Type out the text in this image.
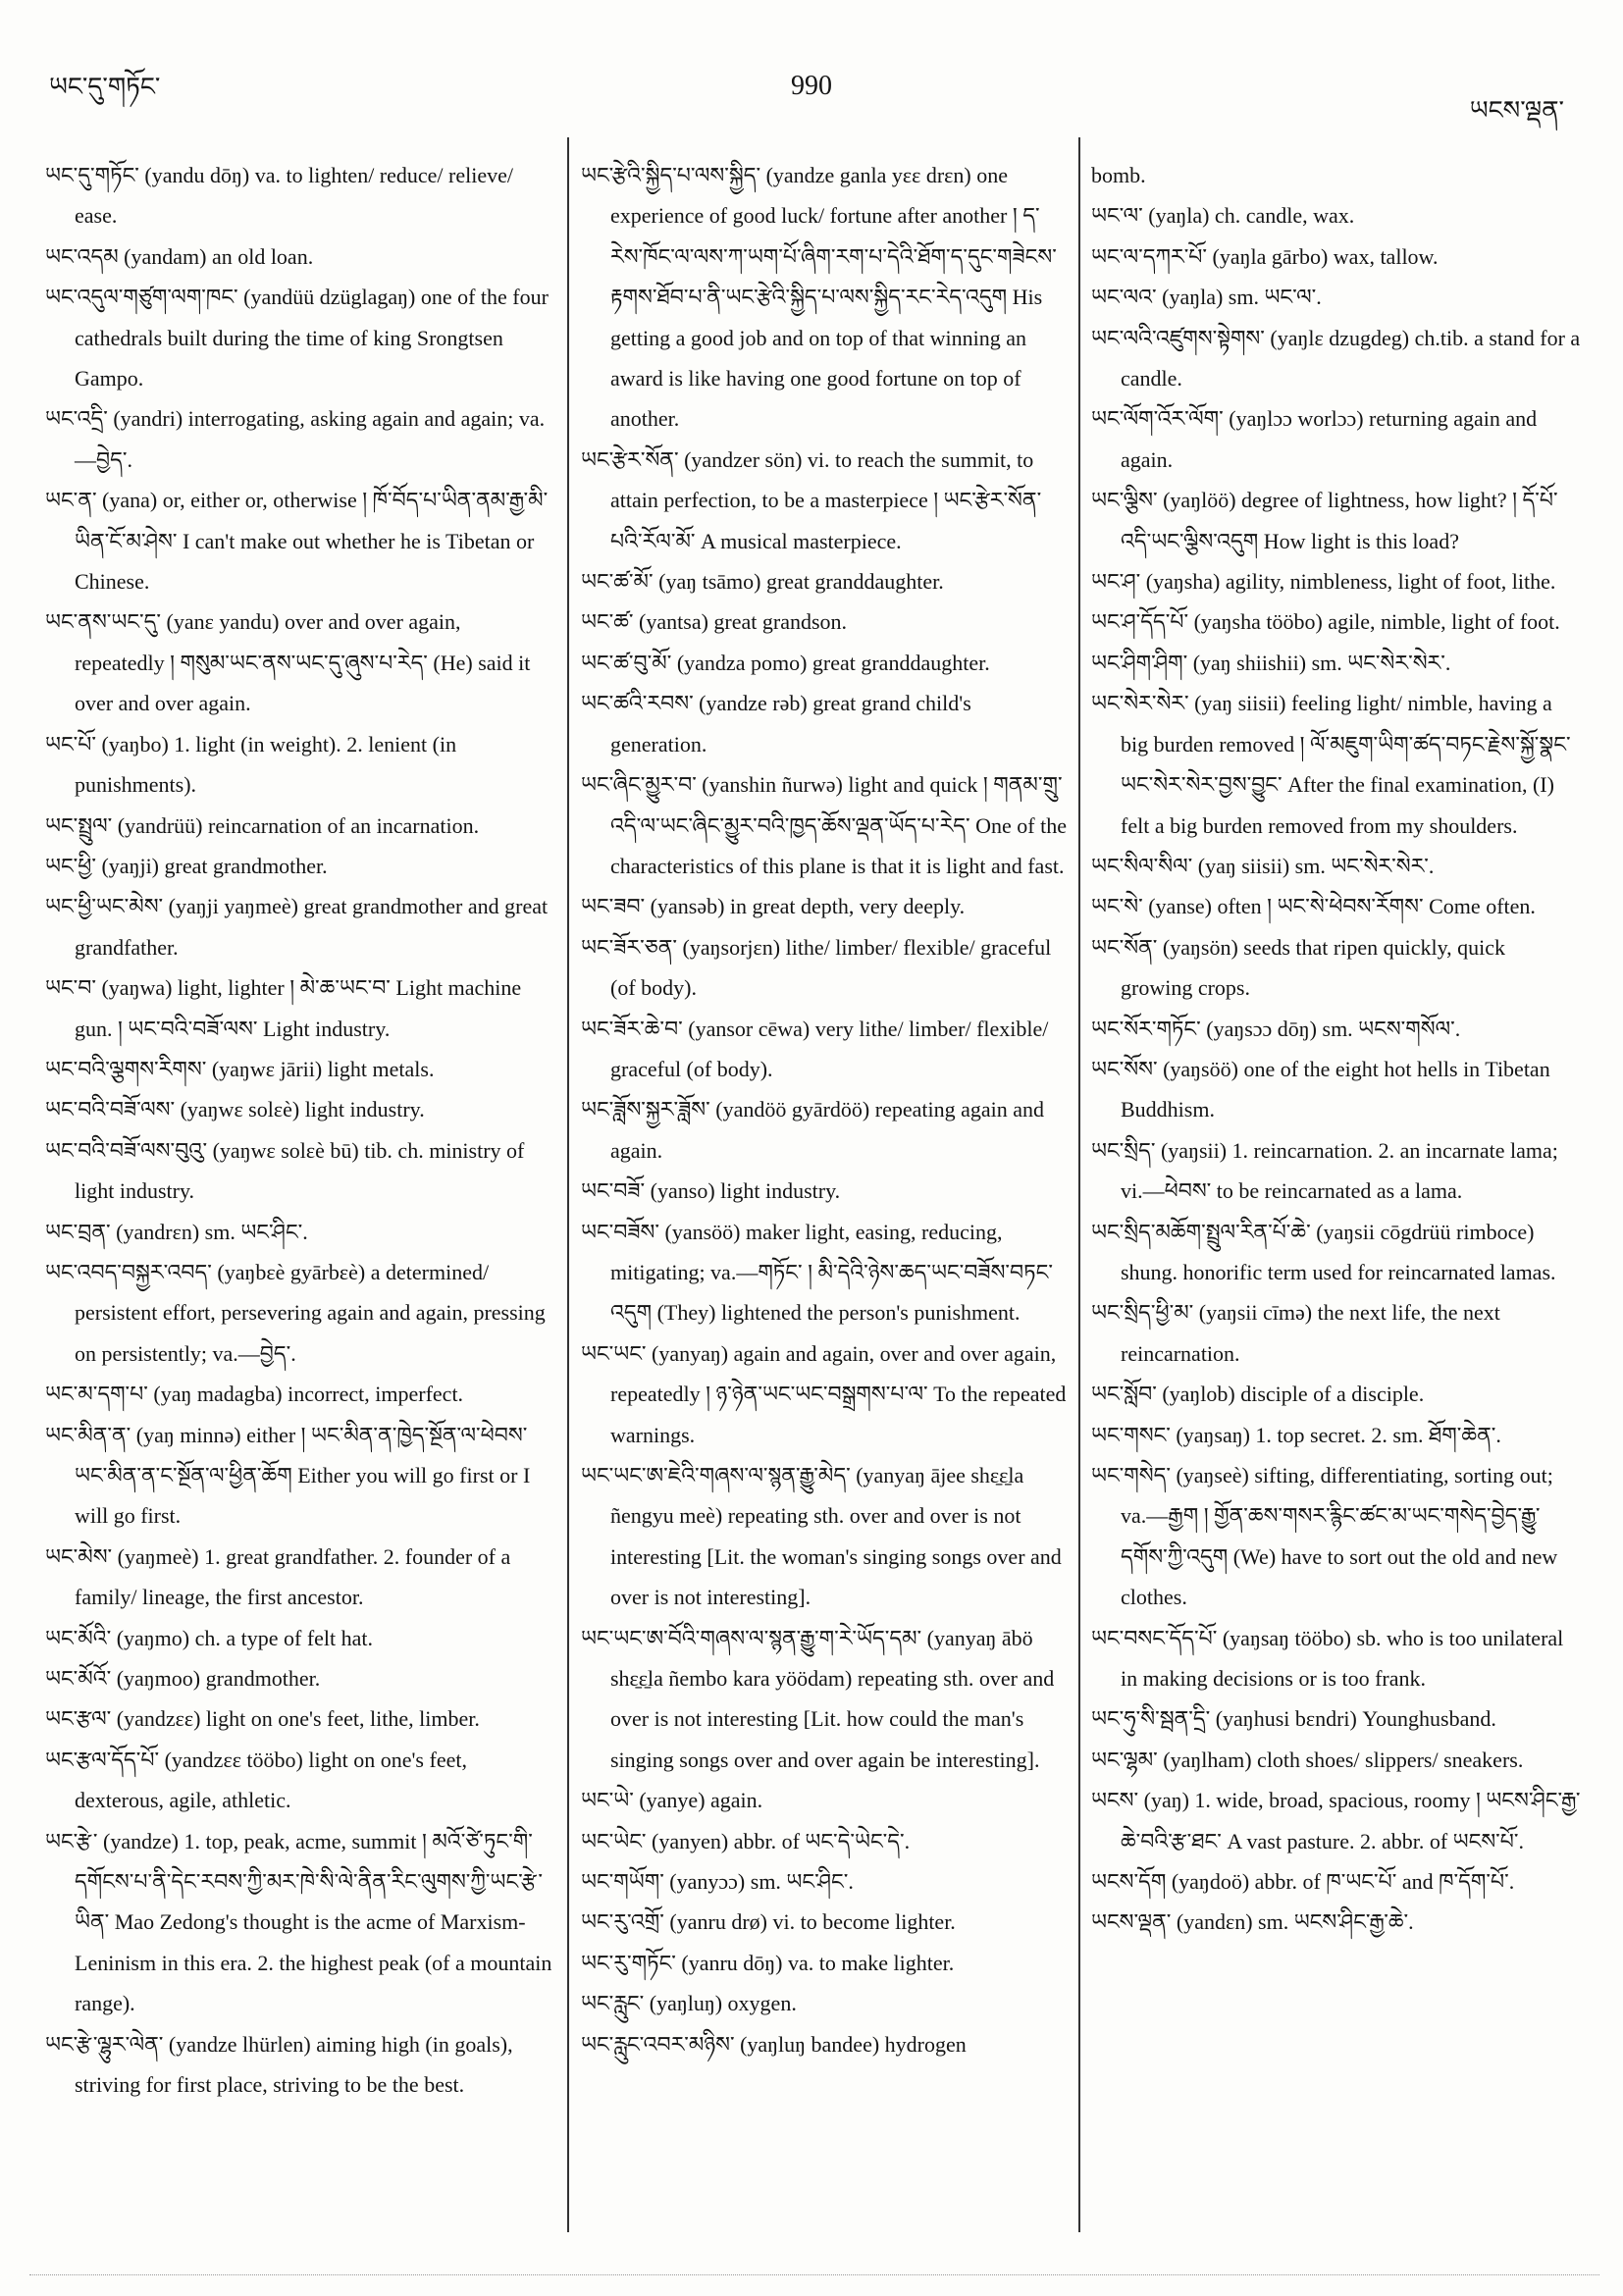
ཡང་དུ་གཏོང་	990
ཡངས་ལྡན་

ཡང་དུ་གཏོང་ (yandu dōŋ) va. to lighten/ reduce/ relieve/ ease.

ཡང་འདམ (yandam) an old loan.

ཡང་འདུལ་གཙུག་ལག་ཁང་ (yandüü dzüglagaŋ) one of the four cathedrals built during the time of king Srongtsen Gampo.

ཡང་འདྲི་ (yandri) interrogating, asking again and again; va.—བྱེད་.

ཡང་ན་ (yana) or, either or, otherwise ། ཁོ་བོད་པ་ཡིན་ནམ་རྒྱ་མི་ཡིན་ངོ་མ་ཤེས་ I can't make out whether he is Tibetan or Chinese.

ཡང་ནས་ཡང་དུ་ (yanɛ yandu) over and over again, repeatedly ། གསུམ་ཡང་ནས་ཡང་དུ་ཞུས་པ་རེད་ (He) said it over and over again.

ཡང་པོ་ (yaŋbo) 1. light (in weight). 2. lenient (in punishments).

ཡང་སྤྲུལ་ (yandrüü) reincarnation of an incarnation.

ཡང་ཕྱི་ (yaŋji) great grandmother.

ཡང་ཕྱི་ཡང་མེས་ (yaŋji yaŋmeè) great grandmother and great grandfather.

ཡང་བ་ (yaŋwa) light, lighter ། མེ་ཆ་ཡང་བ་ Light machine gun. ། ཡང་བའི་བཟོ་ལས་ Light industry.

ཡང་བའི་ལྕགས་རིགས་ (yaŋwɛ jārii) light metals.

ཡང་བའི་བཟོ་ལས་ (yaŋwɛ solɛè) light industry.

ཡང་བའི་བཟོ་ལས་བུའུ་ (yaŋwɛ solɛè bū) tib. ch. ministry of light industry.

ཡང་བྲན་ (yandrɛn) sm. ཡང་ཤིང་.

ཡང་འབད་བསྐྱར་འབད་ (yaŋbɛè gyārbɛè) a determined/ persistent effort, persevering again and again, pressing on persistently; va.—བྱེད་.

ཡང་མ་དག་པ་ (yaŋ madagba) incorrect, imperfect.

ཡང་མིན་ན་ (yaŋ minnə) either ། ཡང་མིན་ན་ཁྱེད་སྔོན་ལ་ཕེབས་ ཡང་མིན་ན་ང་སྔོན་ལ་ཕྱིན་ཆོག Either you will go first or I will go first.

ཡང་མེས་ (yaŋmeè) 1. great grandfather. 2. founder of a family/ lineage, the first ancestor.

ཡང་མོའི་ (yaŋmo) ch. a type of felt hat.

ཡང་མོའོ་ (yaŋmoo) grandmother.

ཡང་རྩལ་ (yandzɛɛ) light on one's feet, lithe, limber.

ཡང་རྩལ་དོད་པོ་ (yandzɛɛ tööbo) light on one's feet, dexterous, agile, athletic.

ཡང་རྩེ་ (yandze) 1. top, peak, acme, summit ། མའོ་ཙེ་ཏུང་གི་དགོངས་པ་ནི་དེང་རབས་ཀྱི་མར་ཁེ་སི་ལེ་ནིན་རིང་ལུགས་ཀྱི་ཡང་རྩེ་ཡིན་ Mao Zedong's thought is the acme of Marxism-Leninism in this era. 2. the highest peak (of a mountain range).

ཡང་རྩེ་ལྷུར་ལེན་ (yandze lhürlen) aiming high (in goals), striving for first place, striving to be the best.

ཡང་རྩེའི་སྐྱིད་པ་ལས་སྐྱིད་ (yandze ganla yɛɛ drɛn) one experience of good luck/ fortune after another ། ད་རེས་ཁོང་ལ་ལས་ཀ་ཡག་པོ་ཞིག་རག་པ་དེའི་ཐོག་ད་དུང་གཟེངས་རྟགས་ཐོབ་པ་ནི་ཡང་རྩེའི་སྐྱིད་པ་ལས་སྐྱིད་རང་རེད་འདུག His getting a good job and on top of that winning an award is like having one good fortune on top of another.

ཡང་རྩེར་སོན་ (yandzer sön) vi. to reach the summit, to attain perfection, to be a masterpiece ། ཡང་རྩེར་སོན་པའི་རོལ་མོ་ A musical masterpiece.

ཡང་ཚ་མོ་ (yaŋ tsāmo) great granddaughter.

ཡང་ཚ་ (yantsa) great grandson.

ཡང་ཚ་བུ་མོ་ (yandza pomo) great granddaughter.

ཡང་ཚའི་རབས་ (yandze rəb) great grand child's generation.

ཡང་ཞིང་མྱུར་བ་ (yanshin ñurwə) light and quick ། གནམ་གྲུ་འདི་ལ་ཡང་ཞིང་མྱུར་བའི་ཁྱད་ཆོས་ལྡན་ཡོད་པ་རེད་ One of the characteristics of this plane is that it is light and fast.

ཡང་ཟབ་ (yansəb) in great depth, very deeply.

ཡང་ཟོར་ཅན་ (yaŋsorjɛn) lithe/ limber/ flexible/ graceful (of body).

ཡང་ཟོར་ཆེ་བ་ (yansor cēwa) very lithe/ limber/ flexible/ graceful (of body).

ཡང་ཟློས་སྐྱར་ཟློས་ (yandöö gyārdöö) repeating again and again.

ཡང་བཟོ་ (yanso) light industry.

ཡང་བཟོས་ (yansöö) maker light, easing, reducing, mitigating; va.—གཏོང་ ། མི་དེའི་ཉེས་ཆད་ཡང་བཟོས་བཏང་འདུག (They) lightened the person's punishment.

ཡང་ཡང་ (yanyaŋ) again and again, over and over again, repeatedly ། ཉ་ཉེན་ཡང་ཡང་བསྒྲགས་པ་ལ་ To the repeated warnings.

ཡང་ཡང་ཨ་ཇེའི་གཞས་ལ་སྙན་རྒྱུ་མེད་ (yanyaŋ ājee shɛ̱ɛ̱la ñengyu meè) repeating sth. over and over is not interesting [Lit. the woman's singing songs over and over is not interesting].

ཡང་ཡང་ཨ་བོའི་གཞས་ལ་སྙན་རྒྱུ་ག་རེ་ཡོད་དམ་ (yanyaŋ ābö shɛ̱ɛ̱la ñembo kara yöödam) repeating sth. over and over is not interesting [Lit. how could the man's singing songs over and over again be interesting].

ཡང་ཡེ་ (yanye) again.

ཡང་ཡེང་ (yanyen) abbr. of ཡང་དེ་ཡེང་དེ་.

ཡང་གཡོག་ (yanyɔɔ) sm. ཡང་ཤིང་.

ཡང་རུ་འགྲོ་ (yanru drø) vi. to become lighter.

ཡང་རུ་གཏོང་ (yanru dōŋ) va. to make lighter.

ཡང་རླུང་ (yaŋluŋ) oxygen.

ཡང་རླུང་འབར་མཉིས་ (yaŋluŋ bandee) hydrogen

bomb.

ཡང་ལ་ (yaŋla) ch. candle, wax.

ཡང་ལ་དཀར་པོ་ (yaŋla gārbo) wax, tallow.

ཡང་ལའ་ (yaŋla) sm. ཡང་ལ་.

ཡང་ལའི་འཛུགས་སྟེགས་ (yaŋlɛ dzugdeg) ch.tib. a stand for a candle.

ཡང་ལོག་འོར་ལོག་ (yaŋlɔɔ worlɔɔ) returning again and again.

ཡང་ལྕིས་ (yaŋlöö) degree of lightness, how light? ། དོ་པོ་འདི་ཡང་ལྕིས་འདུག How light is this load?

ཡང་ཤ་ (yaŋsha) agility, nimbleness, light of foot, lithe.

ཡང་ཤ་དོད་པོ་ (yaŋsha tööbo) agile, nimble, light of foot.

ཡང་ཤིག་ཤིག་ (yaŋ shiishii) sm. ཡང་སེར་སེར་.

ཡང་སེར་སེར་ (yaŋ siisii) feeling light/ nimble, having a big burden removed ། ལོ་མཇུག་ཡིག་ཚད་བཏང་རྗེས་སྐྱོ་སྣང་ཡང་སེར་སེར་བྱས་བྱུང་ After the final examination, (I) felt a big burden removed from my shoulders.

ཡང་སིལ་སིལ་ (yaŋ siisii) sm. ཡང་སེར་སེར་.

ཡང་སེ་ (yanse) often ། ཡང་སེ་ཕེབས་རོགས་ Come often.

ཡང་སོན་ (yaŋsön) seeds that ripen quickly, quick growing crops.

ཡང་སོར་གཏོང་ (yaŋsɔɔ dōŋ) sm. ཡངས་གསོལ་.

ཡང་སོས་ (yaŋsöö) one of the eight hot hells in Tibetan Buddhism.

ཡང་སྲིད་ (yaŋsii) 1. reincarnation. 2. an incarnate lama; vi.—ཕེབས་ to be reincarnated as a lama.

ཡང་སྲིད་མཆོག་སྤྲུལ་རིན་པོ་ཆེ་ (yaŋsii cōgdrüü rimboce) shung. honorific term used for reincarnated lamas.

ཡང་སྲིད་ཕྱི་མ་ (yaŋsii cīmə) the next life, the next reincarnation.

ཡང་སློབ་ (yaŋlob) disciple of a disciple.

ཡང་གསང་ (yaŋsaŋ) 1. top secret. 2. sm. ཐོག་ཆེན་.

ཡང་གསེད་ (yaŋseè) sifting, differentiating, sorting out; va.—རྒྱག ། གྱོན་ཆས་གསར་རྙིང་ཚང་མ་ཡང་གསེད་བྱེད་རྒྱུ་དགོས་ཀྱི་འདུག (We) have to sort out the old and new clothes.

ཡང་བསང་དོད་པོ་ (yaŋsaŋ tööbo) sb. who is too unilateral in making decisions or is too frank.

ཡང་ཧུ་སི་སྦན་དྲི་ (yaŋhusi bɛndri) Younghusband.

ཡང་ལྷམ་ (yaŋlham) cloth shoes/ slippers/ sneakers.

ཡངས་ (yaŋ) 1. wide, broad, spacious, roomy ། ཡངས་ཤིང་རྒྱ་ཆེ་བའི་རྩ་ཐང་ A vast pasture. 2. abbr. of ཡངས་པོ་.

ཡངས་དོག (yaŋdoö) abbr. of ཁ་ཡང་པོ་ and ཁ་དོག་པོ་.

ཡངས་ལྡན་ (yandɛn) sm. ཡངས་ཤིང་རྒྱ་ཆེ་.
